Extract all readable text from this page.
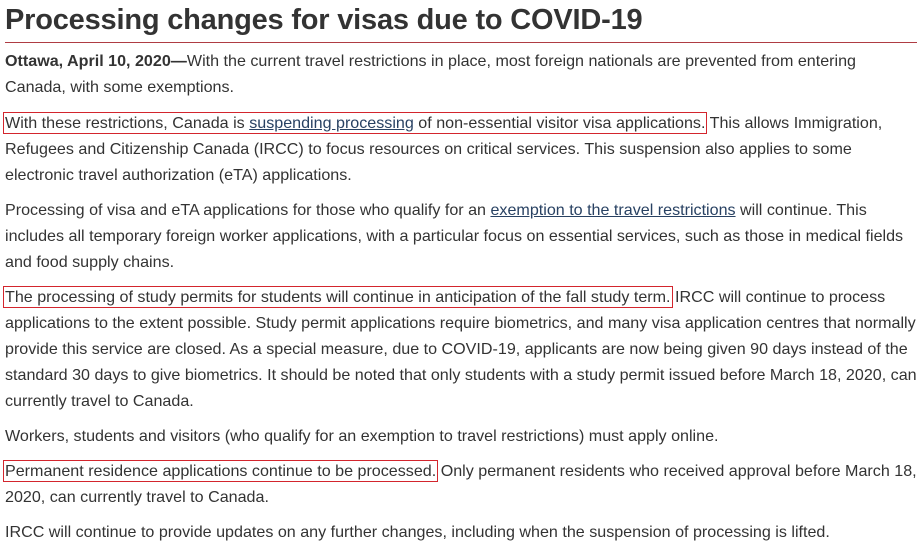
Processing changes for visas due to COVID-19

Ottawa, April 10, 2020—With the current travel restrictions in place, most foreign nationals are prevented from entering Canada, with some exemptions.

With these restrictions, Canada is suspending processing of non-essential visitor visa applications. This allows Immigration, Refugees and Citizenship Canada (IRCC) to focus resources on critical services. This suspension also applies to some electronic travel authorization (eTA) applications.

Processing of visa and eTA applications for those who qualify for an exemption to the travel restrictions will continue. This includes all temporary foreign worker applications, with a particular focus on essential services, such as those in medical fields and food supply chains.

The processing of study permits for students will continue in anticipation of the fall study term. IRCC will continue to process applications to the extent possible. Study permit applications require biometrics, and many visa application centres that normally provide this service are closed. As a special measure, due to COVID-19, applicants are now being given 90 days instead of the standard 30 days to give biometrics. It should be noted that only students with a study permit issued before March 18, 2020, can currently travel to Canada.

Workers, students and visitors (who qualify for an exemption to travel restrictions) must apply online.

Permanent residence applications continue to be processed. Only permanent residents who received approval before March 18, 2020, can currently travel to Canada.

IRCC will continue to provide updates on any further changes, including when the suspension of processing is lifted.
